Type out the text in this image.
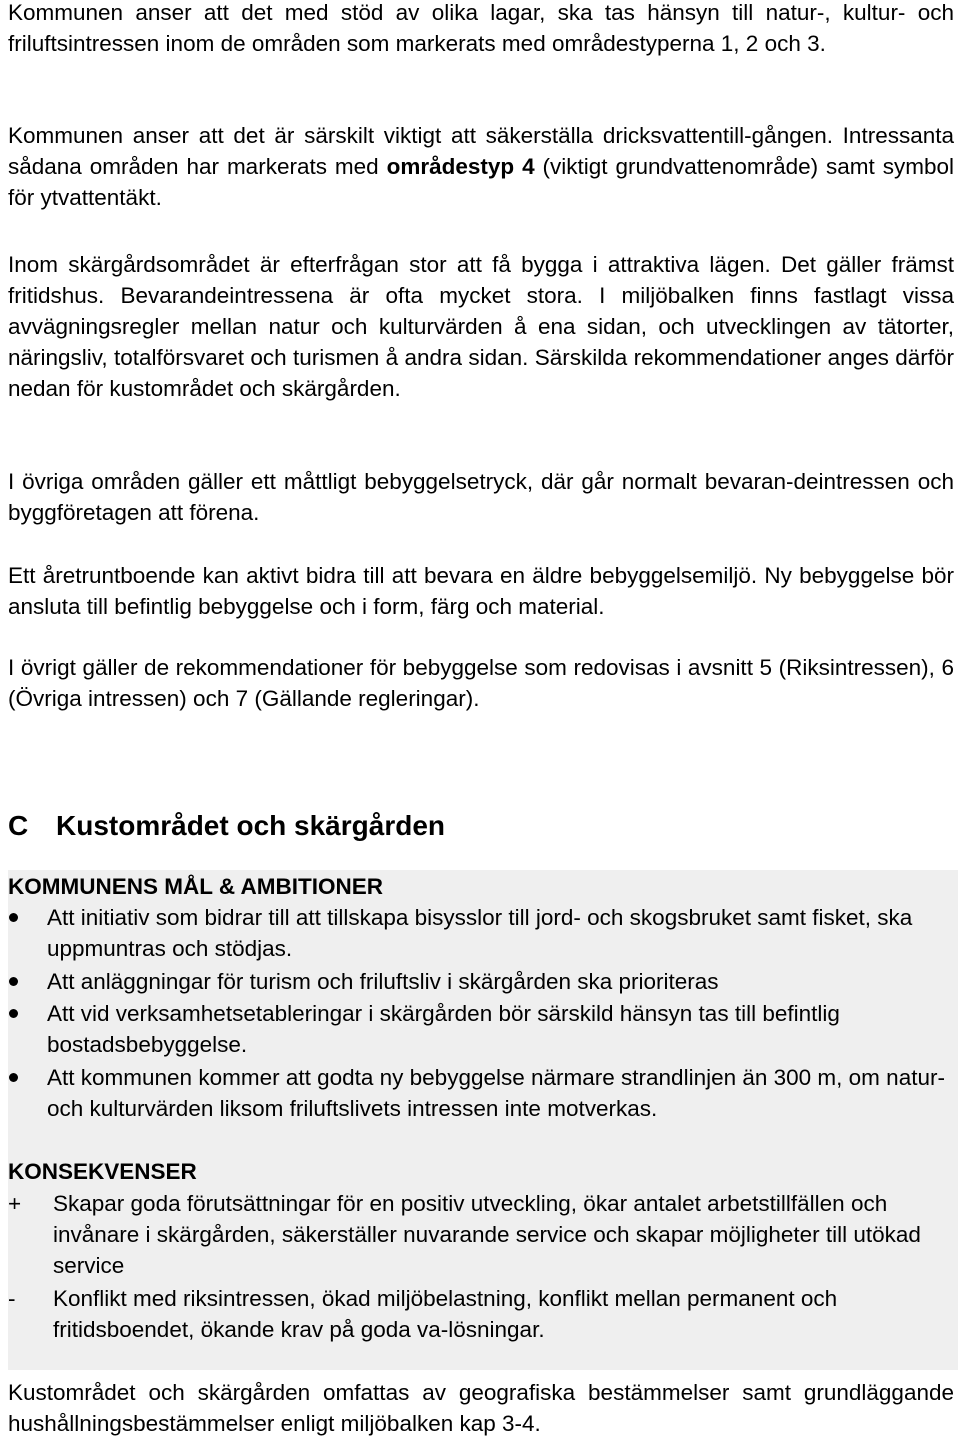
Kommunen anser att det med stöd av olika lagar, ska tas hänsyn till natur-, kultur- och friluftsintressen inom de områden som markerats med områdestyperna 1, 2 och 3.

Kommunen anser att det är särskilt viktigt att säkerställa dricksvattentill-gången. Intressanta sådana områden har markerats med områdestyp 4 (viktigt grundvattenområde) samt symbol för ytvattentäkt.

Inom skärgårdsområdet är efterfrågan stor att få bygga i attraktiva lägen. Det gäller främst fritidshus. Bevarandeintressena är ofta mycket stora. I miljöbalken finns fastlagt vissa avvägningsregler mellan natur och kulturvärden å ena sidan, och utvecklingen av tätorter, näringsliv, totalförsvaret och turismen å andra sidan. Särskilda rekommendationer anges därför nedan för kustområdet och skärgården.

I övriga områden gäller ett måttligt bebyggelsetryck, där går normalt bevaran-deintressen och byggföretagen att förena.

Ett åretruntboende kan aktivt bidra till att bevara en äldre bebyggelsemiljö. Ny bebyggelse bör ansluta till befintlig bebyggelse och i form, färg och material.

I övrigt gäller de rekommendationer för bebyggelse som redovisas i avsnitt 5 (Riksintressen), 6 (Övriga intressen) och 7 (Gällande regleringar).

C Kustområdet och skärgården
KOMMUNENS MÅL & AMBITIONER
Att initiativ som bidrar till att tillskapa bisysslor till jord- och skogsbruket samt fisket, ska uppmuntras och stödjas.
Att anläggningar för turism och friluftsliv i skärgården ska prioriteras
Att vid verksamhetsetableringar i skärgården bör särskild hänsyn tas till befintlig bostadsbebyggelse.
Att kommunen kommer att godta ny bebyggelse närmare strandlinjen än 300 m, om natur- och kulturvärden liksom friluftslivets intressen inte motverkas.
KONSEKVENSER
+	Skapar goda förutsättningar för en positiv utveckling, ökar antalet arbetstillfällen och invånare i skärgården, säkerställer nuvarande service och skapar möjligheter till utökad service
-	Konflikt med riksintressen, ökad miljöbelastning, konflikt mellan permanent och fritidsboendet, ökande krav på goda va-lösningar.

Kustområdet och skärgården omfattas av geografiska bestämmelser samt grundläggande hushållningsbestämmelser enligt miljöbalken kap 3-4.
